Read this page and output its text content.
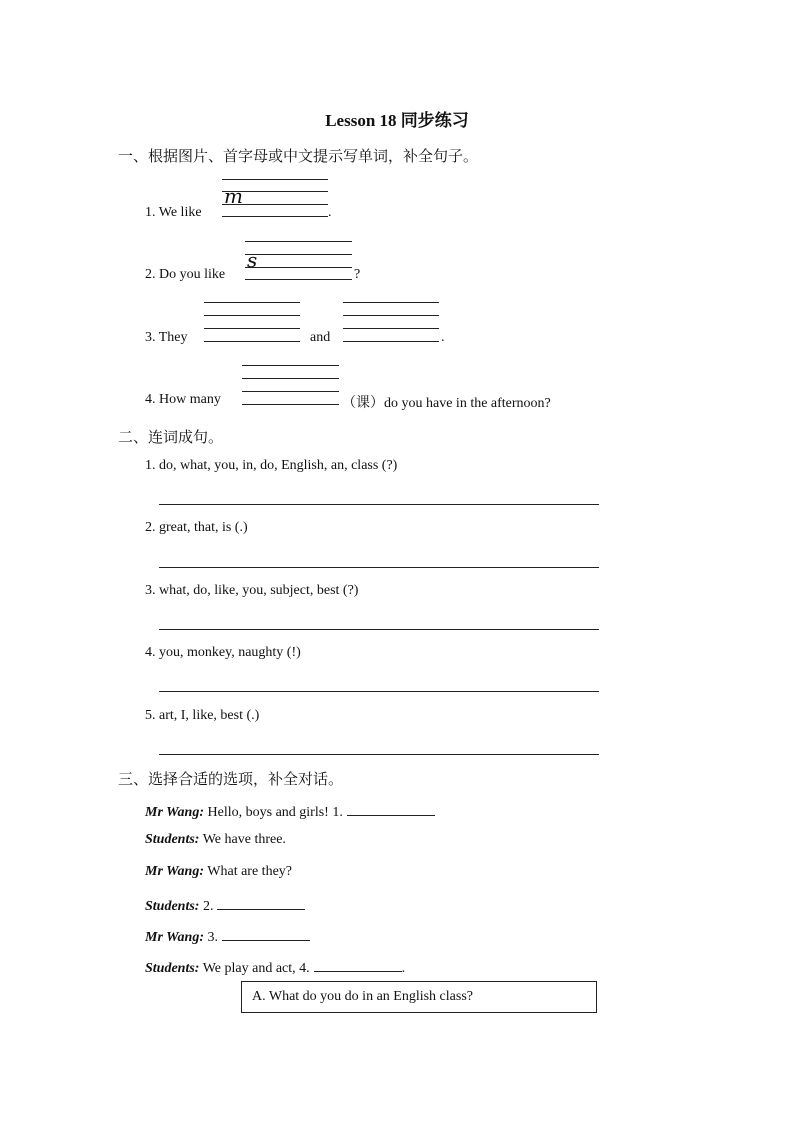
Lesson 18 同步练习
一、根据图片、首字母或中文提示写单词，补全句子。
1. We like
m
.
2. Do you like
s
?
3. They	and	.
4. How many	（课）do you have in the afternoon?
二、连词成句。
1. do, what, you, in, do, English, an, class (?)
2. great, that, is (.)
3. what, do, like, you, subject, best (?)
4. you, monkey, naughty (!)
5. art, I, like, best (.)
三、选择合适的选项，补全对话。
Mr Wang: Hello, boys and girls! 1.
Students: We have three.
Mr Wang: What are they?
Students: 2.
Mr Wang: 3.
Students: We play and act, 4.	.
A. What do you do in an English class?
